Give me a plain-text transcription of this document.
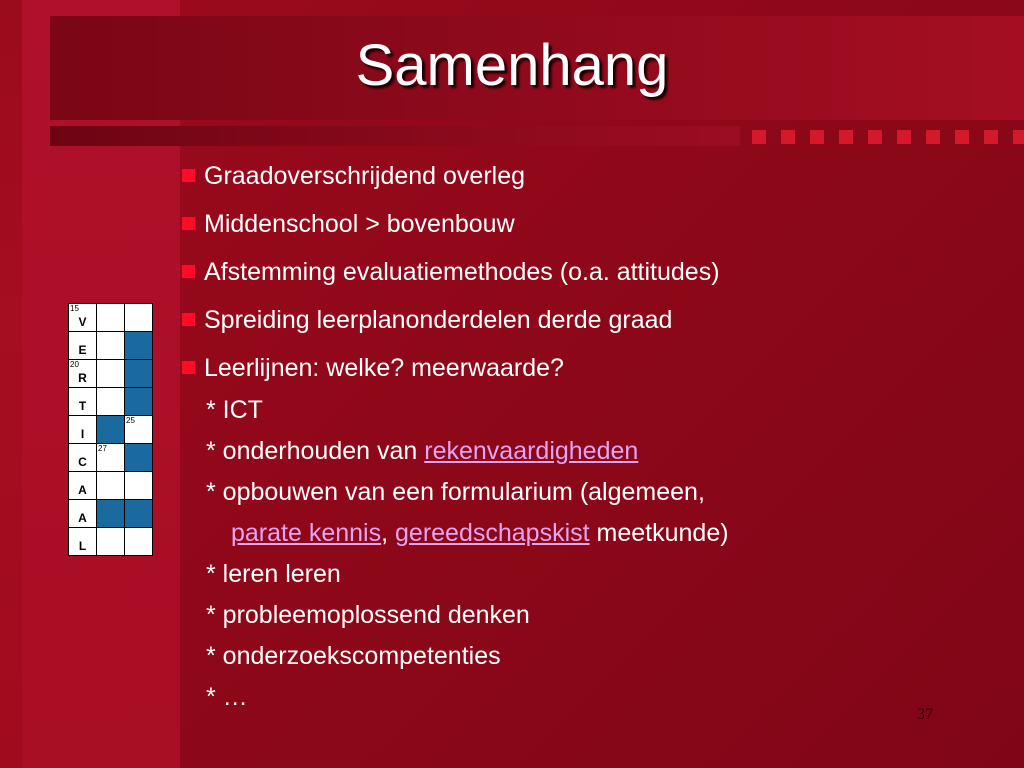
Samenhang
15
V
E
20
R
T
I
25
C
27
A
A
L
Graadoverschrijdend overleg
Middenschool > bovenbouw
Afstemming evaluatiemethodes (o.a. attitudes)
Spreiding leerplanonderdelen derde graad
Leerlijnen: welke? meerwaarde?
* ICT
* onderhouden van rekenvaardigheden
* opbouwen van een formularium (algemeen,
parate kennis, gereedschapskist meetkunde)
* leren leren
* probleemoplossend denken
* onderzoekscompetenties
* …
37
